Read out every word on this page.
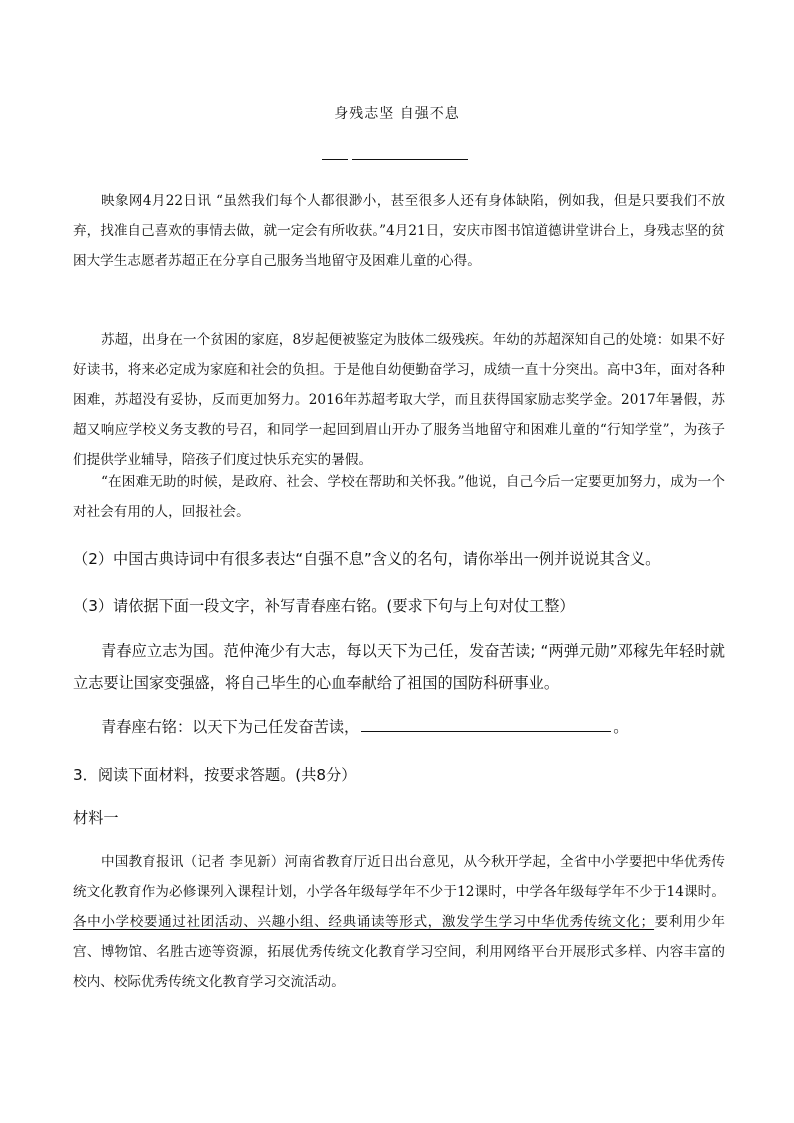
身残志坚 自强不息
映象网4月22日讯 “虽然我们每个人都很渺小，甚至很多人还有身体缺陷，例如我，但是只要我们不放弃，找准自己喜欢的事情去做，就一定会有所收获。”4月21日，安庆市图书馆道德讲堂讲台上，身残志坚的贫困大学生志愿者苏超正在分享自己服务当地留守及困难儿童的心得。
苏超，出身在一个贫困的家庭，8岁起便被鉴定为肢体二级残疾。年幼的苏超深知自己的处境：如果不好好读书，将来必定成为家庭和社会的负担。于是他自幼便勤奋学习，成绩一直十分突出。高中3年，面对各种困难，苏超没有妥协，反而更加努力。2016年苏超考取大学，而且获得国家励志奖学金。2017年暑假，苏超又响应学校义务支教的号召，和同学一起回到眉山开办了服务当地留守和困难儿童的“行知学堂”，为孩子们提供学业辅导，陪孩子们度过快乐充实的暑假。
“在困难无助的时候，是政府、社会、学校在帮助和关怀我。”他说，自己今后一定要更加努力，成为一个对社会有用的人，回报社会。
（2）中国古典诗词中有很多表达“自强不息”含义的名句，请你举出一例并说说其含义。
（3）请依据下面一段文字，补写青春座右铭。(要求下句与上句对仗工整）
青春应立志为国。范仲淹少有大志，每以天下为己任，发奋苦读; “两弹元勋”邓稼先年轻时就立志要让国家变强盛，将自己毕生的心血奉献给了祖国的国防科研事业。
青春座右铭：以天下为己任发奋苦读，	。
3．阅读下面材料，按要求答题。(共8分）
材料一
中国教育报讯（记者 李见新）河南省教育厅近日出台意见，从今秋开学起，全省中小学要把中华优秀传统文化教育作为必修课列入课程计划，小学各年级每学年不少于12课时，中学各年级每学年不少于14课时。各中小学校要通过社团活动、兴趣小组、经典诵读等形式，激发学生学习中华优秀传统文化；要利用少年宫、博物馆、名胜古迹等资源，拓展优秀传统文化教育学习空间，利用网络平台开展形式多样、内容丰富的校内、校际优秀传统文化教育学习交流活动。
